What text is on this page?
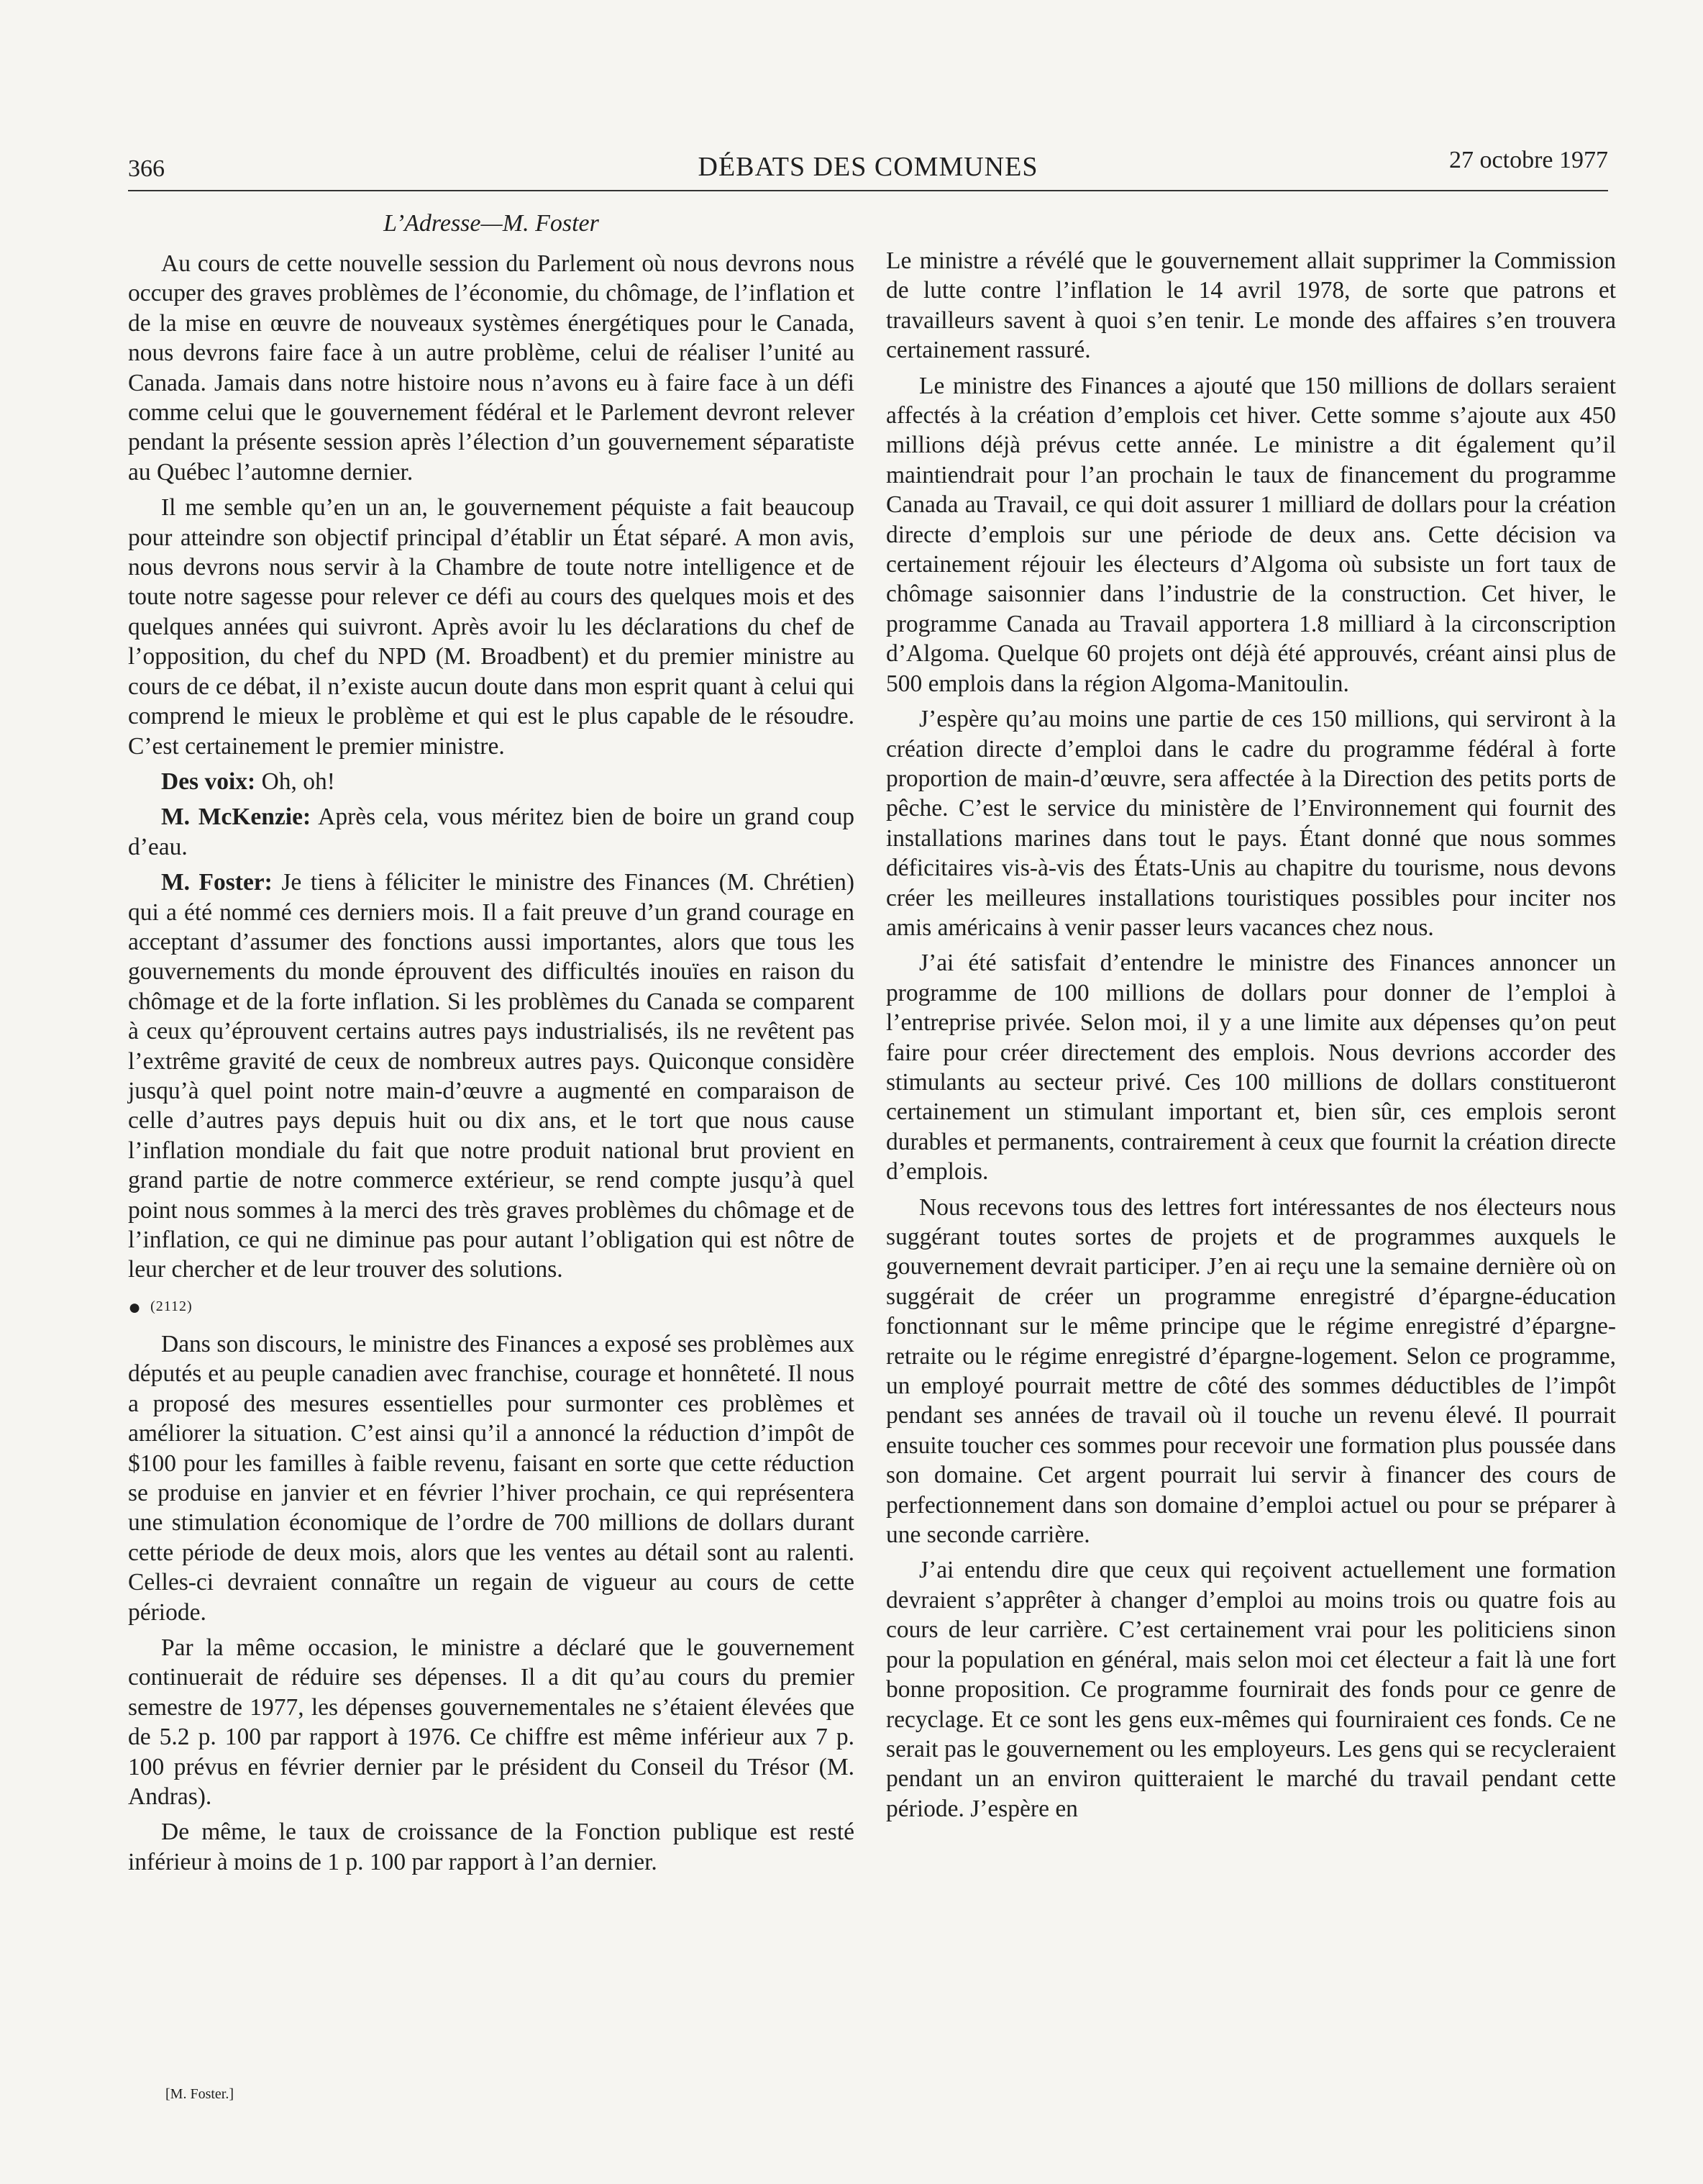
366	DÉBATS DES COMMUNES	27 octobre 1977
L’Adresse—M. Foster

Au cours de cette nouvelle session du Parlement où nous devrons nous occuper des graves problèmes de l’économie, du chômage, de l’inflation et de la mise en œuvre de nouveaux systèmes énergétiques pour le Canada, nous devrons faire face à un autre problème, celui de réaliser l’unité au Canada. Jamais dans notre histoire nous n’avons eu à faire face à un défi comme celui que le gouvernement fédéral et le Parlement devront relever pendant la présente session après l’élection d’un gouvernement séparatiste au Québec l’automne dernier.

Il me semble qu’en un an, le gouvernement péquiste a fait beaucoup pour atteindre son objectif principal d’établir un État séparé. A mon avis, nous devrons nous servir à la Chambre de toute notre intelligence et de toute notre sagesse pour relever ce défi au cours des quelques mois et des quelques années qui suivront. Après avoir lu les déclarations du chef de l’opposition, du chef du NPD (M. Broadbent) et du premier ministre au cours de ce débat, il n’existe aucun doute dans mon esprit quant à celui qui comprend le mieux le problème et qui est le plus capable de le résoudre. C’est certainement le premier ministre.

Des voix: Oh, oh!

M. McKenzie: Après cela, vous méritez bien de boire un grand coup d’eau.

M. Foster: Je tiens à féliciter le ministre des Finances (M. Chrétien) qui a été nommé ces derniers mois. Il a fait preuve d’un grand courage en acceptant d’assumer des fonctions aussi importantes, alors que tous les gouvernements du monde éprouvent des difficultés inouïes en raison du chômage et de la forte inflation. Si les problèmes du Canada se comparent à ceux qu’éprouvent certains autres pays industrialisés, ils ne revêtent pas l’extrême gravité de ceux de nombreux autres pays. Quiconque considère jusqu’à quel point notre main-d’œuvre a augmenté en comparaison de celle d’autres pays depuis huit ou dix ans, et le tort que nous cause l’inflation mondiale du fait que notre produit national brut provient en grand partie de notre commerce extérieur, se rend compte jusqu’à quel point nous sommes à la merci des très graves problèmes du chômage et de l’inflation, ce qui ne diminue pas pour autant l’obligation qui est nôtre de leur chercher et de leur trouver des solutions.

● (2112)

Dans son discours, le ministre des Finances a exposé ses problèmes aux députés et au peuple canadien avec franchise, courage et honnêteté. Il nous a proposé des mesures essentielles pour surmonter ces problèmes et améliorer la situation. C’est ainsi qu’il a annoncé la réduction d’impôt de $100 pour les familles à faible revenu, faisant en sorte que cette réduction se produise en janvier et en février l’hiver prochain, ce qui représentera une stimulation économique de l’ordre de 700 millions de dollars durant cette période de deux mois, alors que les ventes au détail sont au ralenti. Celles-ci devraient connaître un regain de vigueur au cours de cette période.

Par la même occasion, le ministre a déclaré que le gouvernement continuerait de réduire ses dépenses. Il a dit qu’au cours du premier semestre de 1977, les dépenses gouvernementales ne s’étaient élevées que de 5.2 p. 100 par rapport à 1976. Ce chiffre est même inférieur aux 7 p. 100 prévus en février dernier par le président du Conseil du Trésor (M. Andras).

De même, le taux de croissance de la Fonction publique est resté inférieur à moins de 1 p. 100 par rapport à l’an dernier.

Le ministre a révélé que le gouvernement allait supprimer la Commission de lutte contre l’inflation le 14 avril 1978, de sorte que patrons et travailleurs savent à quoi s’en tenir. Le monde des affaires s’en trouvera certainement rassuré.

Le ministre des Finances a ajouté que 150 millions de dollars seraient affectés à la création d’emplois cet hiver. Cette somme s’ajoute aux 450 millions déjà prévus cette année. Le ministre a dit également qu’il maintiendrait pour l’an prochain le taux de financement du programme Canada au Travail, ce qui doit assurer 1 milliard de dollars pour la création directe d’emplois sur une période de deux ans. Cette décision va certainement réjouir les électeurs d’Algoma où subsiste un fort taux de chômage saisonnier dans l’industrie de la construction. Cet hiver, le programme Canada au Travail apportera 1.8 milliard à la circonscription d’Algoma. Quelque 60 projets ont déjà été approuvés, créant ainsi plus de 500 emplois dans la région Algoma-Manitoulin.

J’espère qu’au moins une partie de ces 150 millions, qui serviront à la création directe d’emploi dans le cadre du programme fédéral à forte proportion de main-d’œuvre, sera affectée à la Direction des petits ports de pêche. C’est le service du ministère de l’Environnement qui fournit des installations marines dans tout le pays. Étant donné que nous sommes déficitaires vis-à-vis des États-Unis au chapitre du tourisme, nous devons créer les meilleures installations touristiques possibles pour inciter nos amis américains à venir passer leurs vacances chez nous.

J’ai été satisfait d’entendre le ministre des Finances annoncer un programme de 100 millions de dollars pour donner de l’emploi à l’entreprise privée. Selon moi, il y a une limite aux dépenses qu’on peut faire pour créer directement des emplois. Nous devrions accorder des stimulants au secteur privé. Ces 100 millions de dollars constitueront certainement un stimulant important et, bien sûr, ces emplois seront durables et permanents, contrairement à ceux que fournit la création directe d’emplois.

Nous recevons tous des lettres fort intéressantes de nos électeurs nous suggérant toutes sortes de projets et de programmes auxquels le gouvernement devrait participer. J’en ai reçu une la semaine dernière où on suggérait de créer un programme enregistré d’épargne-éducation fonctionnant sur le même principe que le régime enregistré d’épargne-retraite ou le régime enregistré d’épargne-logement. Selon ce programme, un employé pourrait mettre de côté des sommes déductibles de l’impôt pendant ses années de travail où il touche un revenu élevé. Il pourrait ensuite toucher ces sommes pour recevoir une formation plus poussée dans son domaine. Cet argent pourrait lui servir à financer des cours de perfectionnement dans son domaine d’emploi actuel ou pour se préparer à une seconde carrière.

J’ai entendu dire que ceux qui reçoivent actuellement une formation devraient s’apprêter à changer d’emploi au moins trois ou quatre fois au cours de leur carrière. C’est certainement vrai pour les politiciens sinon pour la population en général, mais selon moi cet électeur a fait là une fort bonne proposition. Ce programme fournirait des fonds pour ce genre de recyclage. Et ce sont les gens eux-mêmes qui fourniraient ces fonds. Ce ne serait pas le gouvernement ou les employeurs. Les gens qui se recycleraient pendant un an environ quitteraient le marché du travail pendant cette période. J’espère en

[M. Foster.]
